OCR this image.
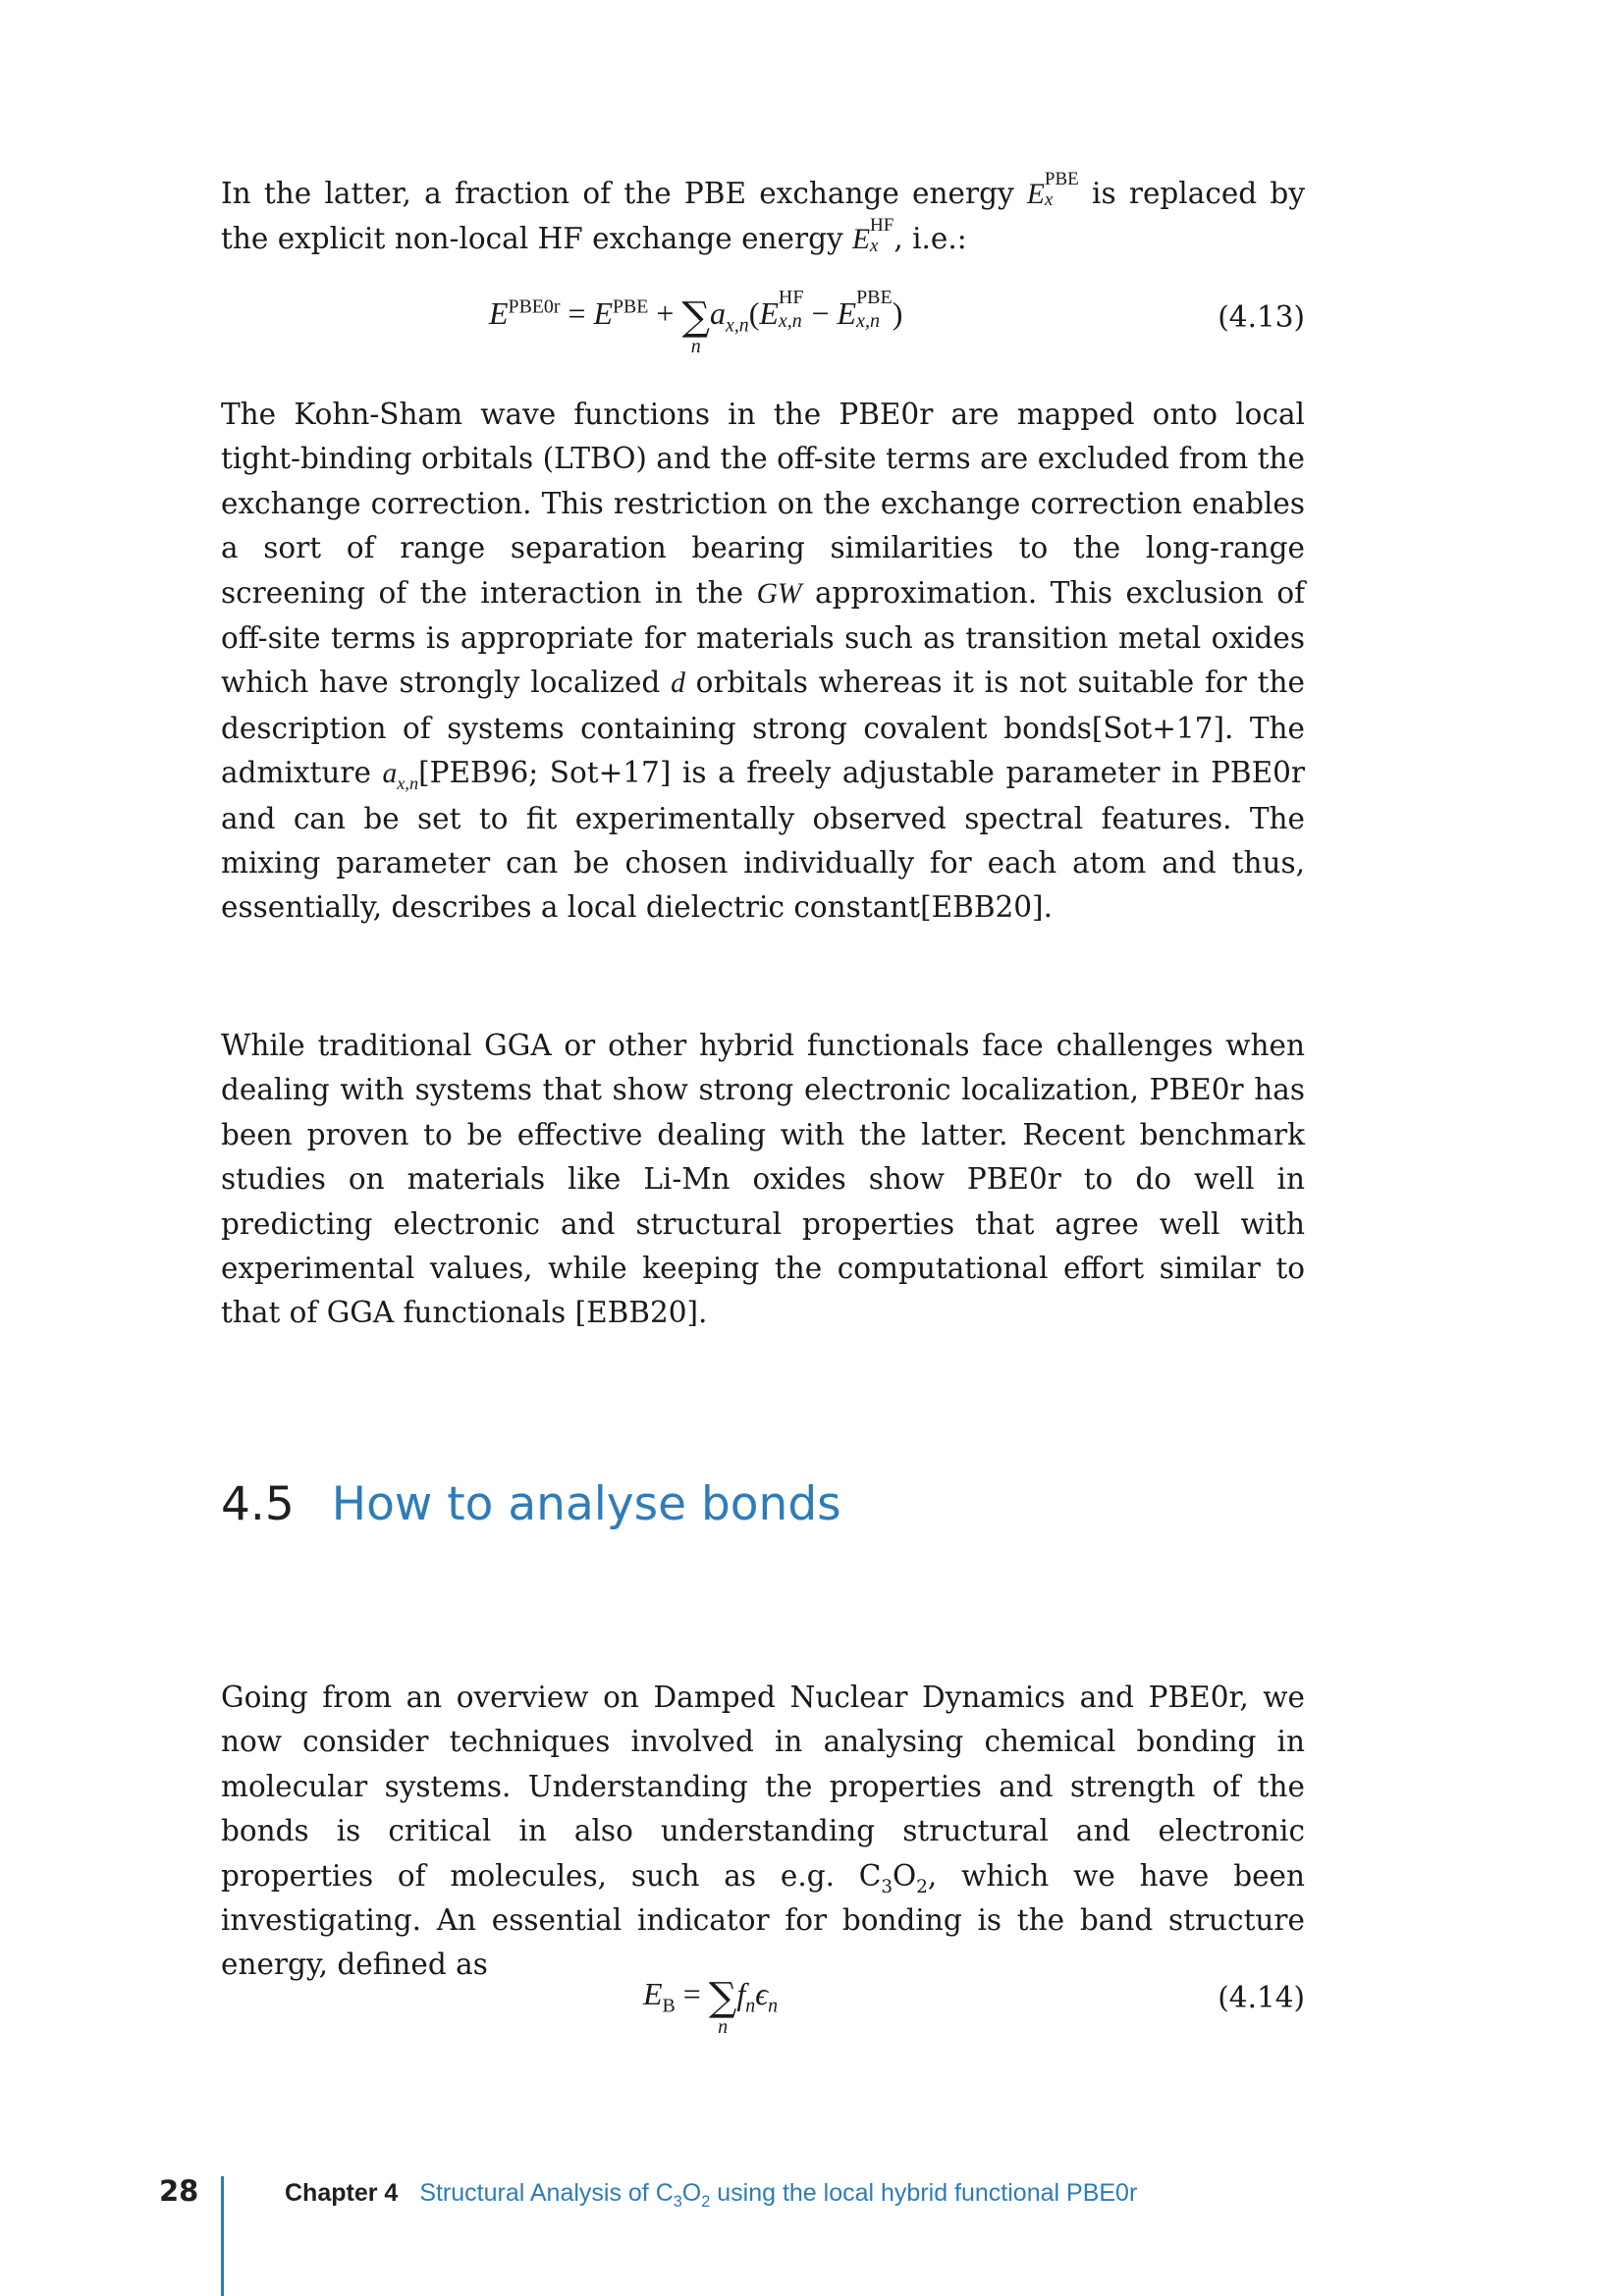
In the latter, a fraction of the PBE exchange energy E PBE
x is replaced by the explicit non-local HF exchange energy E HF
x , i.e.:

$E^{PBE0r} = E^{PBE}$ + ∑
n
$a_{x,n}(E$ HF
x,n − E PBE
x,n )	(4.13)

The Kohn-Sham wave functions in the PBE0r are mapped onto local tight-binding orbitals (LTBO) and the off-site terms are excluded from the exchange correction. This restriction on the exchange correction enables a sort of range separation bearing similarities to the long-range screening of the interaction in the GW approximation. This exclusion of off-site terms is appropriate for materials such as transition metal oxides which have strongly localized d orbitals whereas it is not suitable for the description of systems containing strong covalent bonds[Sot+17]. The admixture $a_{x,n}[PEB96$; Sot+17] is a freely adjustable parameter in PBE0r and can be set to fit experimentally observed spectral features. The mixing parameter can be chosen individually for each atom and thus, essentially, describes a local dielectric constant[EBB20].

While traditional GGA or other hybrid functionals face challenges when dealing with systems that show strong electronic localization, PBE0r has been proven to be effective dealing with the latter. Recent benchmark studies on materials like Li-Mn oxides show PBE0r to do well in predicting electronic and structural properties that agree well with experimental values, while keeping the computational effort similar to that of GGA functionals [EBB20].

4.5 How to analyse bonds

Going from an overview on Damped Nuclear Dynamics and PBE0r, we now consider techniques involved in analysing chemical bonding in molecular systems. Understanding the properties and strength of the bonds is critical in also understanding structural and electronic properties of molecules, such as e.g. $C_3O_2$, which we have been investigating. An essential indicator for bonding is the band structure energy, defined as

$E_B$ = ∑
n
$f_n\epsilon_n$	(4.14)
28	Chapter 4 Structural Analysis of $C_3O_2$ using the local hybrid functional PBE0r
